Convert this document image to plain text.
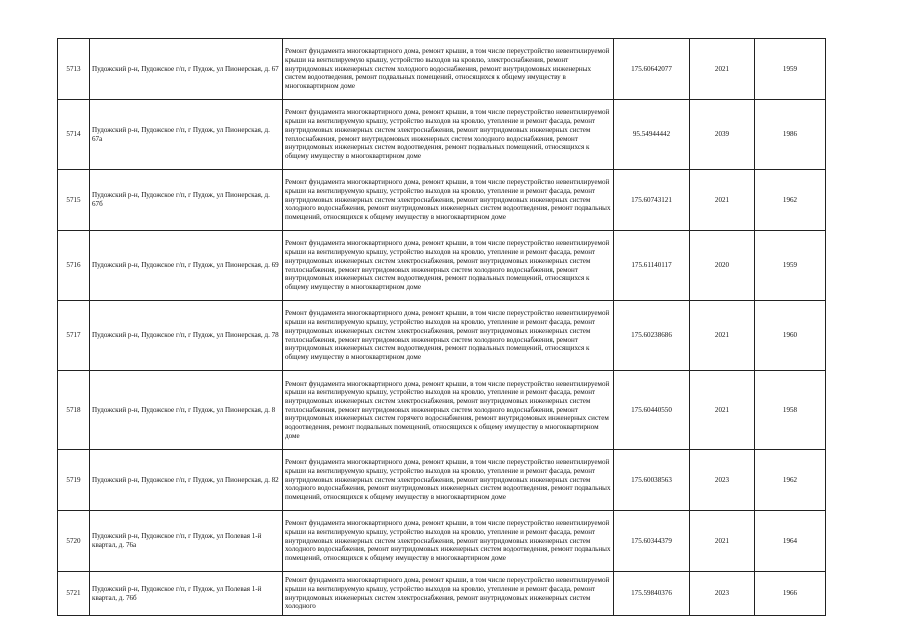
5713	Пудожский р-н, Пудожское г/п, г Пудож, ул Пионерская, д. 67	Ремонт фундамента многоквартирного дома, ремонт крыши, в том числе переустройство невентилируемой крыши на вентилируемую крышу, устройство выходов на кровлю, электроснабжения, ремонт внутридомовых инженерных систем холодного водоснабжения, ремонт внутридомовых инженерных систем водоотведения, ремонт подвальных помещений, относящихся к общему имуществу в многоквартирном доме	175.60642077	2021	1959
5714	Пудожский р-н, Пудожское г/п, г Пудож, ул Пионерская, д. 67а	Ремонт фундамента многоквартирного дома, ремонт крыши, в том числе переустройство невентилируемой крыши на вентилируемую крышу, устройство выходов на кровлю, утепление и ремонт фасада, ремонт внутридомовых инженерных систем электроснабжения, ремонт внутридомовых инженерных систем теплоснабжения, ремонт внутридомовых инженерных систем холодного водоснабжения, ремонт внутридомовых инженерных систем водоотведения, ремонт подвальных помещений, относящихся к общему имуществу в многоквартирном доме	95.54944442	2039	1986
5715	Пудожский р-н, Пудожское г/п, г Пудож, ул Пионерская, д. 67б	Ремонт фундамента многоквартирного дома, ремонт крыши, в том числе переустройство невентилируемой крыши на вентилируемую крышу, устройство выходов на кровлю, утепление и ремонт фасада, ремонт внутридомовых инженерных систем электроснабжения, ремонт внутридомовых инженерных систем холодного водоснабжения, ремонт внутридомовых инженерных систем водоотведения, ремонт подвальных помещений, относящихся к общему имуществу в многоквартирном доме	175.60743121	2021	1962
5716	Пудожский р-н, Пудожское г/п, г Пудож, ул Пионерская, д. 69	Ремонт фундамента многоквартирного дома, ремонт крыши, в том числе переустройство невентилируемой крыши на вентилируемую крышу, устройство выходов на кровлю, утепление и ремонт фасада, ремонт внутридомовых инженерных систем электроснабжения, ремонт внутридомовых инженерных систем теплоснабжения, ремонт внутридомовых инженерных систем холодного водоснабжения, ремонт внутридомовых инженерных систем водоотведения, ремонт подвальных помещений, относящихся к общему имуществу в многоквартирном доме	175.61140117	2020	1959
5717	Пудожский р-н, Пудожское г/п, г Пудож, ул Пионерская, д. 78	Ремонт фундамента многоквартирного дома, ремонт крыши, в том числе переустройство невентилируемой крыши на вентилируемую крышу, устройство выходов на кровлю, утепление и ремонт фасада, ремонт внутридомовых инженерных систем электроснабжения, ремонт внутридомовых инженерных систем теплоснабжения, ремонт внутридомовых инженерных систем холодного водоснабжения, ремонт внутридомовых инженерных систем водоотведения, ремонт подвальных помещений, относящихся к общему имуществу в многоквартирном доме	175.60238686	2021	1960
5718	Пудожский р-н, Пудожское г/п, г Пудож, ул Пионерская, д. 8	Ремонт фундамента многоквартирного дома, ремонт крыши, в том числе переустройство невентилируемой крыши на вентилируемую крышу, устройство выходов на кровлю, утепление и ремонт фасада, ремонт внутридомовых инженерных систем электроснабжения, ремонт внутридомовых инженерных систем теплоснабжения, ремонт внутридомовых инженерных систем холодного водоснабжения, ремонт внутридомовых инженерных систем горячего водоснабжения, ремонт внутридомовых инженерных систем водоотведения, ремонт подвальных помещений, относящихся к общему имуществу в многоквартирном доме	175.60440550	2021	1958
5719	Пудожский р-н, Пудожское г/п, г Пудож, ул Пионерская, д. 82	Ремонт фундамента многоквартирного дома, ремонт крыши, в том числе переустройство невентилируемой крыши на вентилируемую крышу, устройство выходов на кровлю, утепление и ремонт фасада, ремонт внутридомовых инженерных систем электроснабжения, ремонт внутридомовых инженерных систем холодного водоснабжения, ремонт внутридомовых инженерных систем водоотведения, ремонт подвальных помещений, относящихся к общему имуществу в многоквартирном доме	175.60038563	2023	1962
5720	Пудожский р-н, Пудожское г/п, г Пудож, ул Полевая 1-й квартал, д. 76а	Ремонт фундамента многоквартирного дома, ремонт крыши, в том числе переустройство невентилируемой крыши на вентилируемую крышу, устройство выходов на кровлю, утепление и ремонт фасада, ремонт внутридомовых инженерных систем электроснабжения, ремонт внутридомовых инженерных систем холодного водоснабжения, ремонт внутридомовых инженерных систем водоотведения, ремонт подвальных помещений, относящихся к общему имуществу в многоквартирном доме	175.60344379	2021	1964
5721	Пудожский р-н, Пудожское г/п, г Пудож, ул Полевая 1-й квартал, д. 76б	Ремонт фундамента многоквартирного дома, ремонт крыши, в том числе переустройство невентилируемой крыши на вентилируемую крышу, устройство выходов на кровлю, утепление и ремонт фасада, ремонт внутридомовых инженерных систем электроснабжения, ремонт внутридомовых инженерных систем холодного	175.59840376	2023	1966
